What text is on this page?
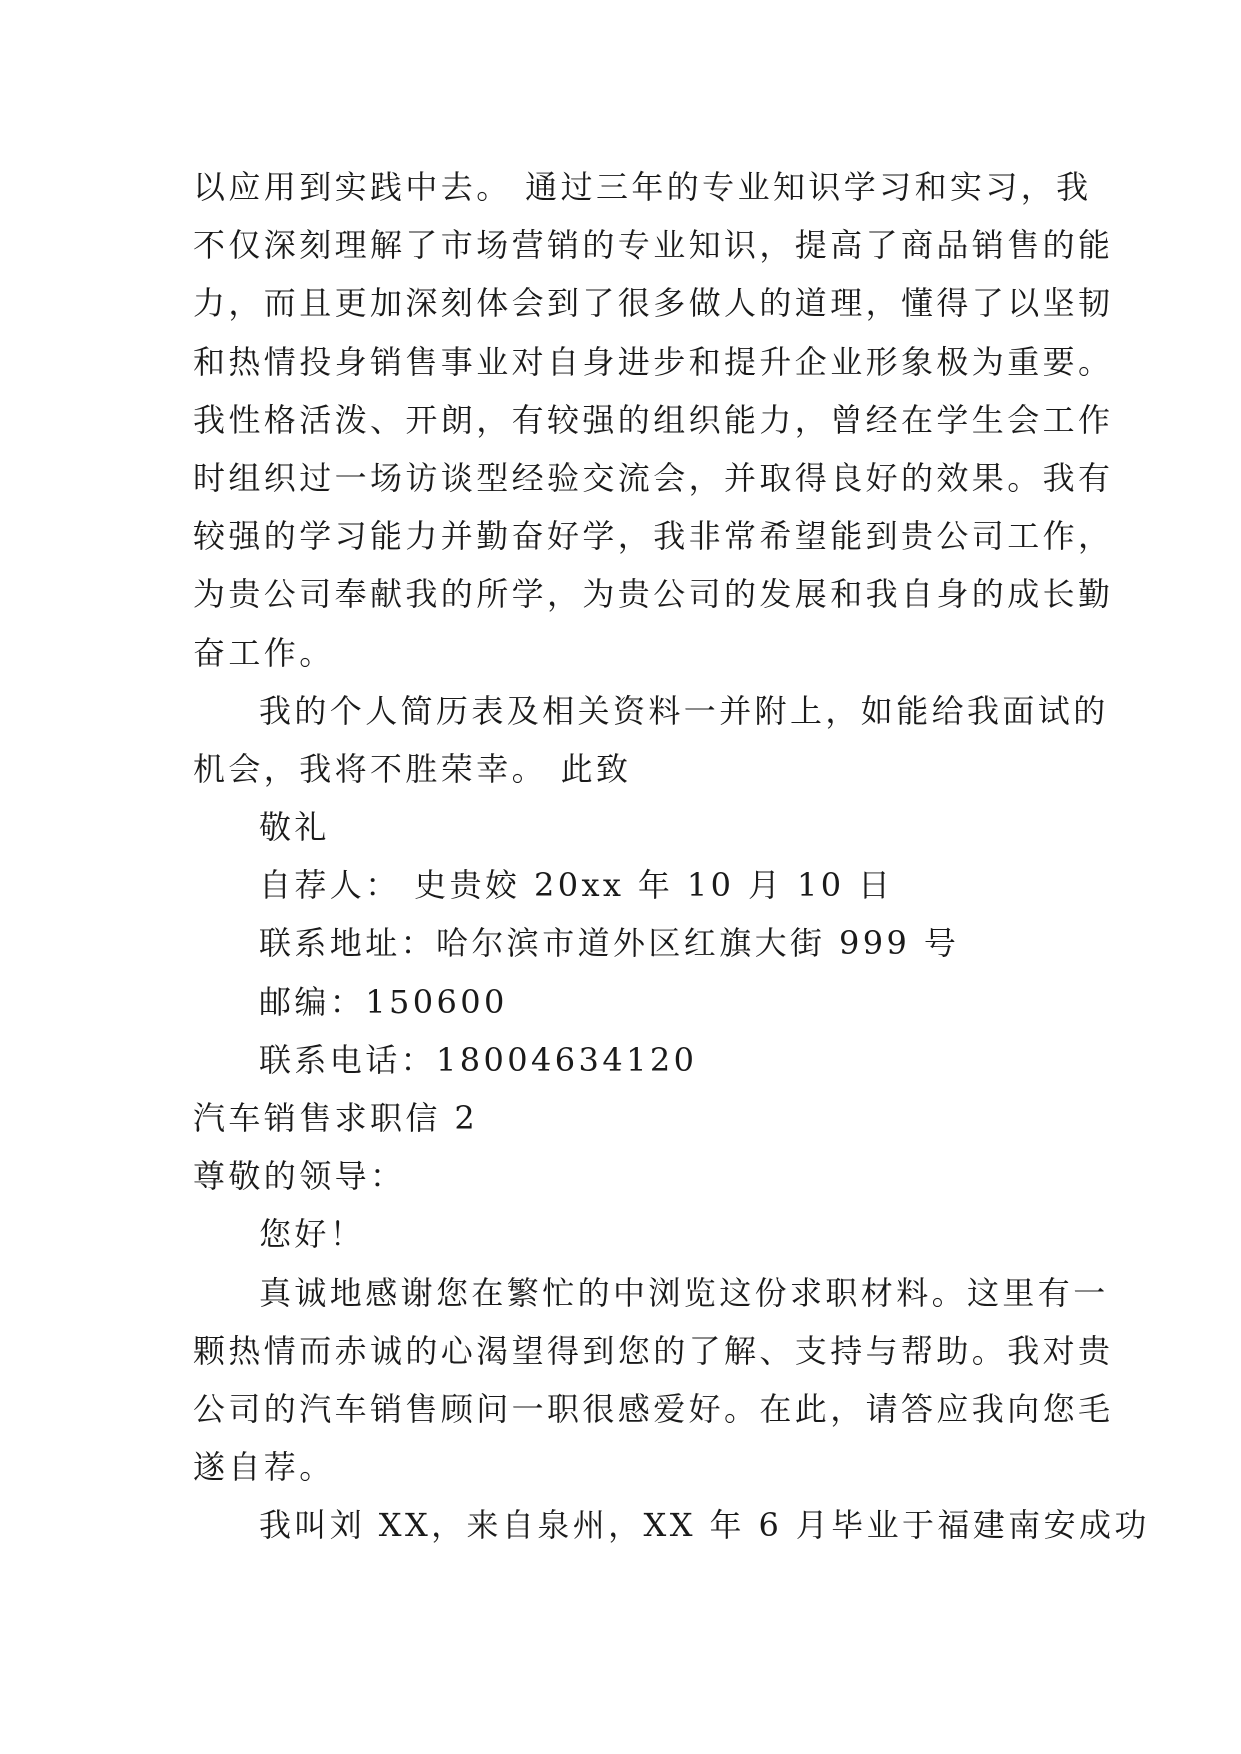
以应用到实践中去。 通过三年的专业知识学习和实习，我
不仅深刻理解了市场营销的专业知识，提高了商品销售的能
力，而且更加深刻体会到了很多做人的道理，懂得了以坚韧
和热情投身销售事业对自身进步和提升企业形象极为重要。
我性格活泼、开朗，有较强的组织能力，曾经在学生会工作
时组织过一场访谈型经验交流会，并取得良好的效果。我有
较强的学习能力并勤奋好学，我非常希望能到贵公司工作，
为贵公司奉献我的所学，为贵公司的发展和我自身的成长勤
奋工作。
我的个人简历表及相关资料一并附上，如能给我面试的
机会，我将不胜荣幸。 此致
敬礼
自荐人： 史贵姣 20xx 年 10 月 10 日
联系地址：哈尔滨市道外区红旗大街 999 号
邮编：150600
联系电话：18004634120
汽车销售求职信 2
尊敬的领导：
您好！
真诚地感谢您在繁忙的中浏览这份求职材料。这里有一
颗热情而赤诚的心渴望得到您的了解、支持与帮助。我对贵
公司的汽车销售顾问一职很感爱好。在此，请答应我向您毛
遂自荐。
我叫刘 XX，来自泉州，XX 年 6 月毕业于福建南安成功
